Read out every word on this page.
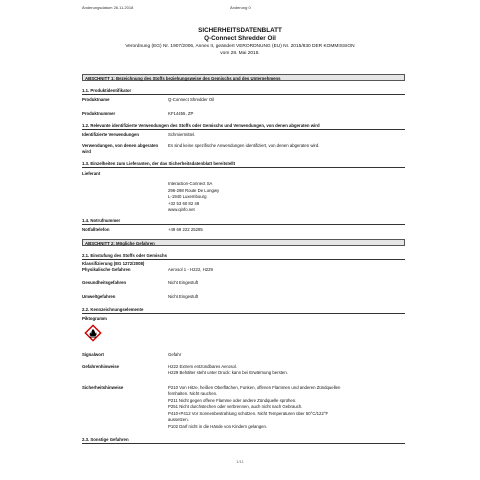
Änderungsdatum 26.11.2018	Änderung 0
SICHERHEITSDATENBLATT
Q-Connect Shredder Oil
Verordnung (EG) Nr. 1907/2006, Annex II, geändert VERORDNUNG (EU) Nr. 2015/830 DER KOMMISSION
vom 28. Mai 2015.
ABSCHNITT 1: Bezeichnung des Stoffs beziehungsweise des Gemischs und des Unternehmens
1.1. Produktidentifikator
Produktname	Q-Connect Shredder Oil
Produktnummer	KF14455, ZP
1.2. Relevante identifizierte Verwendungen des Stoffs oder Gemischs und Verwendungen, von denen abgeraten wird
Identifizierte Verwendungen	Schmiermittel.
Verwendungen, von denen abgeraten wird
Es sind keine spezifische Anwendungen identifiziert, von denen abgeraten wird.
1.3. Einzelheiten zum Lieferanten, der das Sicherheitsdatenblatt bereitstellt
Lieferant
Interaction-Connect SA
296-298 Route De Longwy
L-1940 Luxembourg
+32 53 60 82 48
www.qinfo.net
1.4. Notrufnummer
Notfalltelefon	+49 69 222 25285
ABSCHNITT 2: Mögliche Gefahren
2.1. Einstufung des Stoffs oder Gemischs
Klassifizierung (EG 1272/2008)
Physikalische Gefahren	Aerosol 1 - H222, H229
Gesundheitsgefahren	Nicht Eingestuft
Umweltgefahren	Nicht Eingestuft
2.2. Kennzeichnungselemente
Piktogramm
Signalwort	Gefahr
Gefahrenhinweise	H222 Extrem entzündbares Aerosol.
H229 Behälter steht unter Druck: kann bei Erwärmung bersten.
Sicherheitshinweise	P210 Von Hitze, heißen Oberflächen, Funken, offenen Flammen und anderen Zündquellen
fernhalten. Nicht rauchen.
P211 Nicht gegen offene Flamme oder andere Zündquelle sprühen.
P251 Nicht durchstechen oder verbrennen, auch nicht nach Gebrauch.
P410+P412 Vor Sonnenbestrahlung schützen. Nicht Temperaturen über 50°C/122°F
aussetzen.
P102 Darf nicht in die Hände von Kindern gelangen.
2.3. Sonstige Gefahren
1/11
